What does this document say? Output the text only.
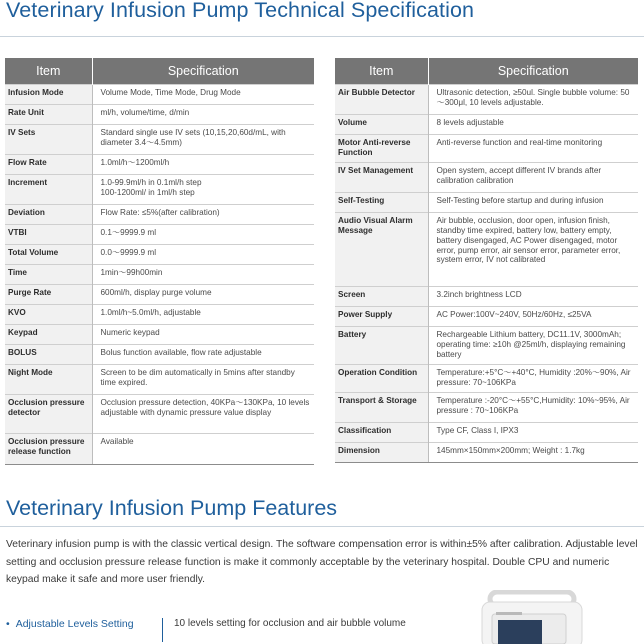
Veterinary Infusion Pump Technical Specification
Item	Specification
Infusion Mode	Volume Mode, Time Mode, Drug Mode
Rate Unit	ml/h, volume/time, d/min
IV Sets	Standard single use IV sets (10,15,20,60d/mL, with diameter 3.4～4.5mm)
Flow Rate	1.0ml/h～1200ml/h
Increment	1.0-99.9ml/h in 0.1ml/h step
100-1200ml/ in 1ml/h step
Deviation	Flow Rate: ≤5%(after calibration)
VTBI	0.1～9999.9 ml
Total Volume	0.0～9999.9 ml
Time	1min～99h00min
Purge Rate	600ml/h, display purge volume
KVO	1.0ml/h~5.0ml/h, adjustable
Keypad	Numeric keypad
BOLUS	Bolus function available, flow rate adjustable
Night Mode	Screen to be dim automatically in 5mins after standby time expired.
Occlusion pressure detector	Occlusion pressure detection, 40KPa～130KPa, 10 levels adjustable with dynamic pressure value display
Occlusion pressure release function	Available
Item	Specification
Air Bubble Detector	Ultrasonic detection, ≥50ul. Single bubble volume: 50～300μl, 10 levels adjustable.
Volume	8 levels adjustable
Motor Anti-reverse Function	Anti-reverse function and real-time monitoring
IV Set Management	Open system, accept different IV brands after calibration calibration
Self-Testing	Self-Testing before startup and during infusion
Audio Visual Alarm Message	Air bubble, occlusion, door open, infusion finish, standby time expired, battery low, battery empty, battery disengaged, AC Power disengaged, motor error, pump error, air sensor error, parameter error, system error, IV not calibrated
Screen	3.2inch brightness LCD
Power Supply	AC Power:100V~240V, 50Hz/60Hz, ≤25VA
Battery	Rechargeable Lithium battery, DC11.1V, 3000mAh; operating time: ≥10h @25ml/h, displaying remaining battery
Operation Condition	Temperature:+5°C～+40°C, Humidity :20%～90%, Air pressure: 70~106KPa
Transport & Storage	Temperature :-20°C～+55°C,Humidity: 10%~95%, Air pressure : 70~106KPa
Classification	Type CF, Class I, IPX3
Dimension	145mm×150mm×200mm; Weight : 1.7kg
Veterinary Infusion Pump Features

Veterinary infusion pump is with the classic vertical design. The software compensation error is within±5% after calibration. Adjustable level setting and occlusion pressure release function is make it commonly acceptable by the veterinary hospital. Double CPU and numeric keypad make it safe and more user friendly.

• Adjustable Levels Setting	10 levels setting for occlusion and air bubble volume
